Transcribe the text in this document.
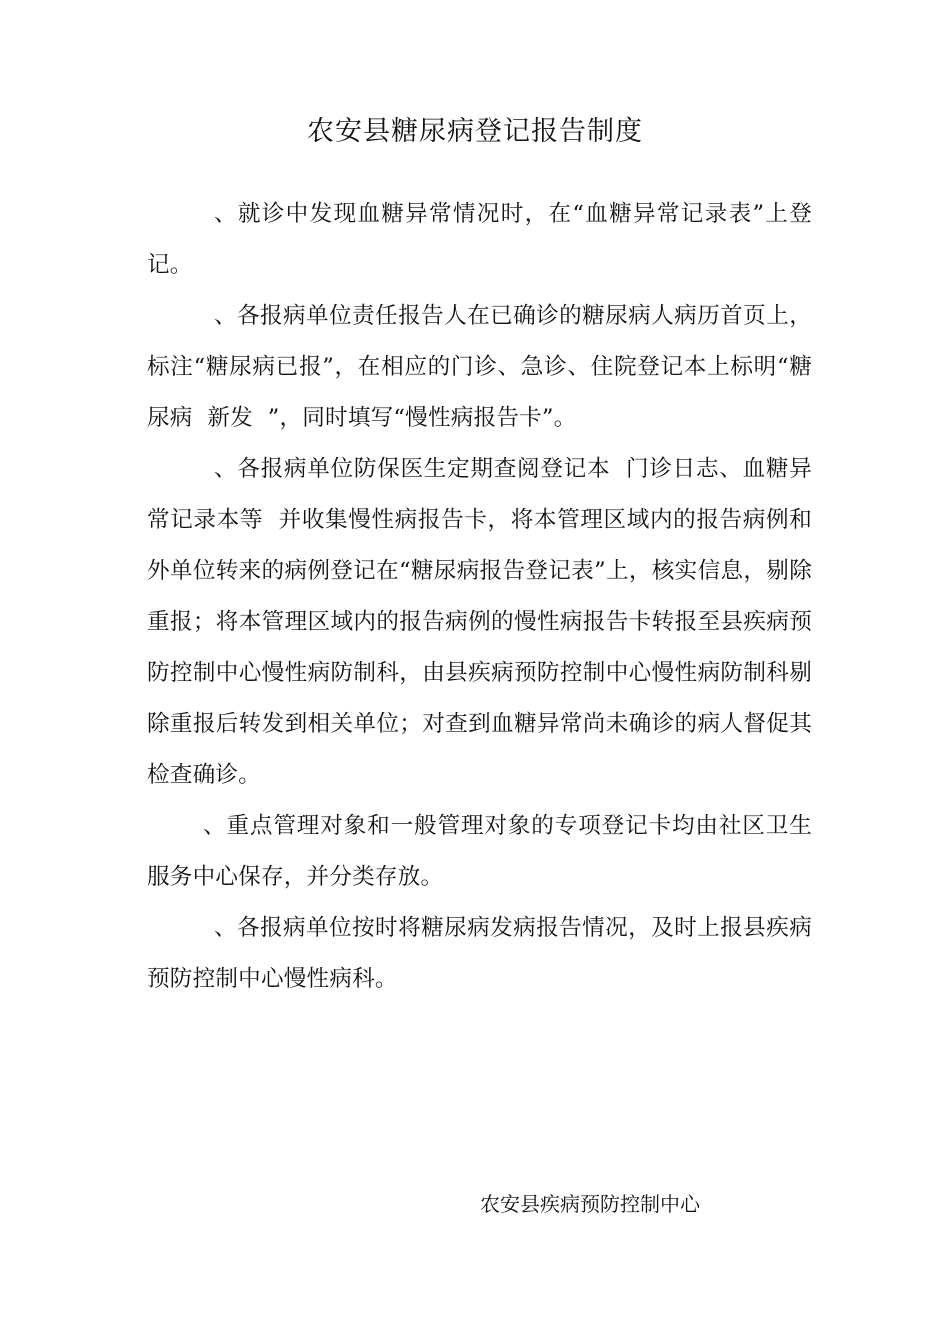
农安县糖尿病登记报告制度

、就诊中发现血糖异常情况时，在“血糖异常记录表”上登记。

、各报病单位责任报告人在已确诊的糖尿病人病历首页上，标注“糖尿病已报”，在相应的门诊、急诊、住院登记本上标明“糖尿病  新发  ”，同时填写“慢性病报告卡”。

、各报病单位防保医生定期查阅登记本  门诊日志、血糖异常记录本等  并收集慢性病报告卡，将本管理区域内的报告病例和外单位转来的病例登记在“糖尿病报告登记表”上，核实信息，剔除重报；将本管理区域内的报告病例的慢性病报告卡转报至县疾病预防控制中心慢性病防制科，由县疾病预防控制中心慢性病防制科剔除重报后转发到相关单位；对查到血糖异常尚未确诊的病人督促其检查确诊。

、重点管理对象和一般管理对象的专项登记卡均由社区卫生服务中心保存，并分类存放。

、各报病单位按时将糖尿病发病报告情况，及时上报县疾病预防控制中心慢性病科。

农安县疾病预防控制中心
